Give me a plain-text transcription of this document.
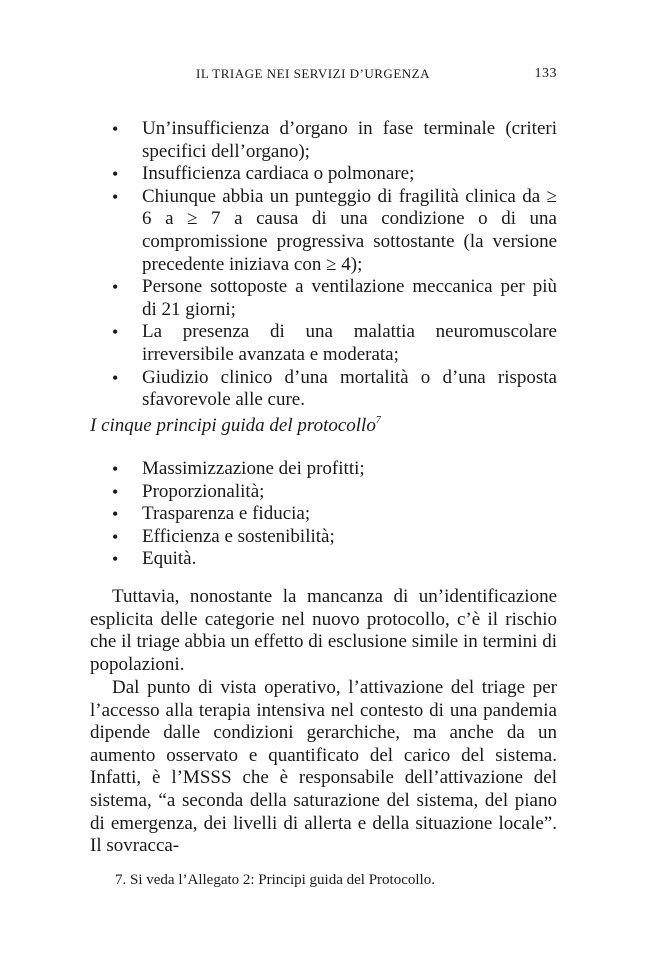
IL TRIAGE NEI SERVIZI D’URGENZA	133
• Un’insufficienza d’organo in fase terminale (criteri specifici dell’organo);
• Insufficienza cardiaca o polmonare;
• Chiunque abbia un punteggio di fragilità clinica da ≥ 6 a ≥ 7 a causa di una condizione o di una compromissione progressiva sottostante (la versione precedente iniziava con ≥ 4);
• Persone sottoposte a ventilazione meccanica per più di 21 giorni;
• La presenza di una malattia neuromuscolare irreversibile avanzata e moderata;
• Giudizio clinico d’una mortalità o d’una risposta sfavorevole alle cure.
I cinque principi guida del protocollo$^7$
• Massimizzazione dei profitti;
• Proporzionalità;
• Trasparenza e fiducia;
• Efficienza e sostenibilità;
• Equità.

Tuttavia, nonostante la mancanza di un’identificazione esplicita delle categorie nel nuovo protocollo, c’è il rischio che il triage abbia un effetto di esclusione simile in termini di popolazioni.

Dal punto di vista operativo, l’attivazione del triage per l’accesso alla terapia intensiva nel contesto di una pandemia dipende dalle condizioni gerarchiche, ma anche da un aumento osservato e quantificato del carico del sistema. Infatti, è l’MSSS che è responsabile dell’attivazione del sistema, “a seconda della saturazione del sistema, del piano di emergenza, dei livelli di allerta e della situazione locale”. Il sovracca-

7. Si veda l’Allegato 2: Principi guida del Protocollo.
